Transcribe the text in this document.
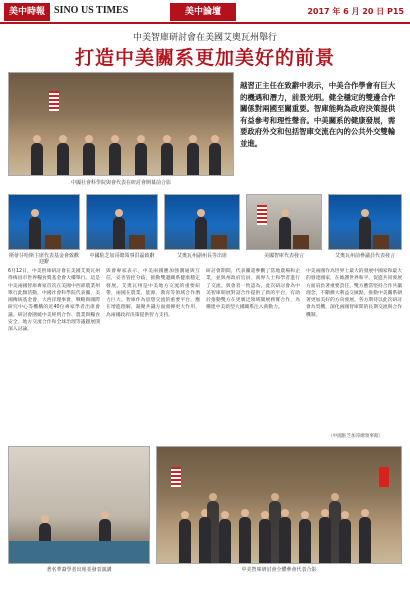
美中時報 SINO US TIMES	美中論壇	2017 年 6 月 20 日 P15
中美智庫研討會在美國艾奧瓦州舉行
打造中美關系更加美好的前景
中國社會科學院與會代表在研討會開幕前合影
越習正主任在致辭中表示，中美合作學會有巨大的機遇和潛力，前景光明。健全穩定的雙邊合作關係對兩國至關重要。智庫能夠為政府決策提供有益參考和理性聲音。中美關系的健康發展，需要政府外交和包括智庫交流在內的公共外交雙輪並進。
斯蒂芬哈斯主席代表基金會致歡迎辭
中國駐芝加哥總領事洪磊致辭	艾奧瓦州副州長等出席	美國智庫代表發言	艾奧瓦州前參議員代表發言
6月12日，中美智庫研討會在美國艾奧瓦州得梅因市世界糧食獎基金會大樓舉行。這是中美兩國智庫專家首次在美國中西部農業州舉行此類活動，中國社會科學院代表團、美國傳統基金會、大西洋理事會、戰略與國際研究中心等機構的近40位專家學者出席會議。研討會圍繞中美經貿合作、農業與糧食安全、地方交流合作和全球治理等議題展開深入討論。
與會專家表示，中美兩國應加強溝通與互信，妥善管控分歧，推動雙邊關系健康穩定發展。艾奧瓦州是中美地方交流的重要紐帶，兩國在農業、能源、教育等領域合作潛力巨大。智庫作為思想交流的重要平台，應在增進理解、凝聚共識方面發揮更大作用，為兩國政府決策提供智力支持。
研討會期間，代表團還參觀了當地農場和企業，並與州政府官員、商界人士和學者進行了交流。與會者一致認為，此次研討會為中美智庫開展對話合作提供了新的平台，有助於推動雙方在更廣泛領域開展務實合作，為構建中美新型大國關系注入新動力。
中美兩國作為世界上最大的發展中國家和最大的發達國家，在維護世界和平、促進共同發展方面肩負著重要責任。雙方應當堅持合作共贏理念，不斷擴大利益交匯點，推動中美關系朝著更加美好的方向發展。各方期待以此次研討會為契機，深化兩國智庫間的長期交流與合作機制。
（中國駐芝加哥總領事館）
著名華裔學者出席並發表演講	中美智庫研討會全體參會代表合影
